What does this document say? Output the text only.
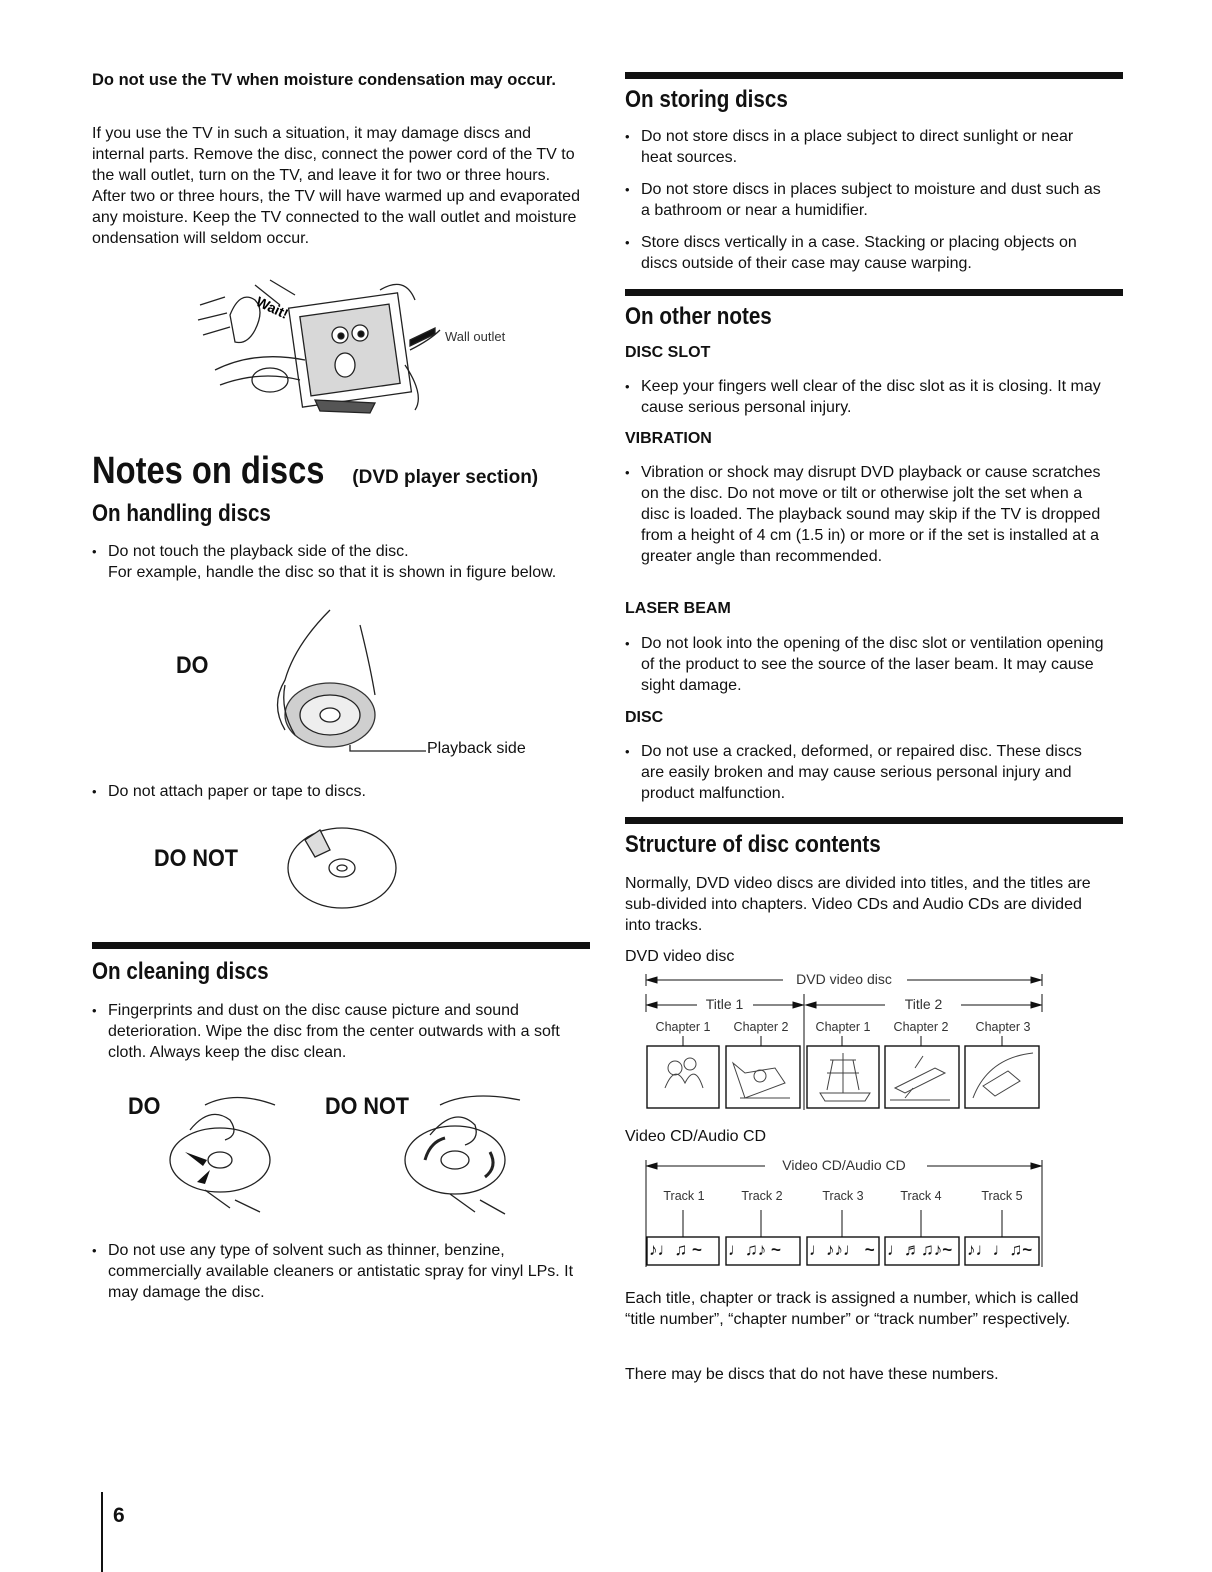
Do not use the TV when moisture condensation may occur.
If you use the TV in such a situation, it may damage discs and internal parts. Remove the disc, connect the power cord of the TV to the wall outlet, turn on the TV, and leave it for two or three hours. After two or three hours, the TV will have warmed up and evaporated any moisture. Keep the TV connected to the wall outlet and moisture ondensation will seldom occur.
Wait!
Wall outlet
Notes on discs (DVD player section)
On handling discs
• Do not touch the playback side of the disc.
For example, handle the disc so that it is shown in figure below.
DO
Playback side
• Do not attach paper or tape to discs.
DO NOT
On cleaning discs
• Fingerprints and dust on the disc cause picture and sound deterioration. Wipe the disc from the center outwards with a soft cloth. Always keep the disc clean.
DO	DO NOT
• Do not use any type of solvent such as thinner, benzine, commercially available cleaners or antistatic spray for vinyl LPs. It may damage the disc.
6
On storing discs
• Do not store discs in a place subject to direct sunlight or near heat sources.
• Do not store discs in places subject to moisture and dust such as a bathroom or near a humidifier.
• Store discs vertically in a case. Stacking or placing objects on discs outside of their case may cause warping.
On other notes
DISC SLOT
• Keep your fingers well clear of the disc slot as it is closing. It may cause serious personal injury.
VIBRATION
• Vibration or shock may disrupt DVD playback or cause scratches on the disc. Do not move or tilt or otherwise jolt the set when a disc is loaded. The playback sound may skip if the TV is dropped from a height of 4 cm (1.5 in) or more or if the set is installed at a greater angle than recommended.
LASER BEAM
• Do not look into the opening of the disc slot or ventilation opening of the product to see the source of the laser beam. It may cause sight damage.
DISC
• Do not use a cracked, deformed, or repaired disc. These discs are easily broken and may cause serious personal injury and product malfunction.
Structure of disc contents
Normally, DVD video discs are divided into titles, and the titles are sub-divided into chapters. Video CDs and Audio CDs are divided into tracks.
DVD video disc
DVD video disc
Title 1	Title 2
Chapter 1	Chapter 2	Chapter 1	Chapter 2	Chapter 3
Video CD/Audio CD
Video CD/Audio CD
Track 1	Track 2	Track 3	Track 4	Track 5
♪♩♫ ~	♩♫♪ ~	♩♪♪♩ ~ ♩♬♫♪~ ♪♩♩♫~
Each title, chapter or track is assigned a number, which is called “title number”, “chapter number” or “track number” respectively.
There may be discs that do not have these numbers.
